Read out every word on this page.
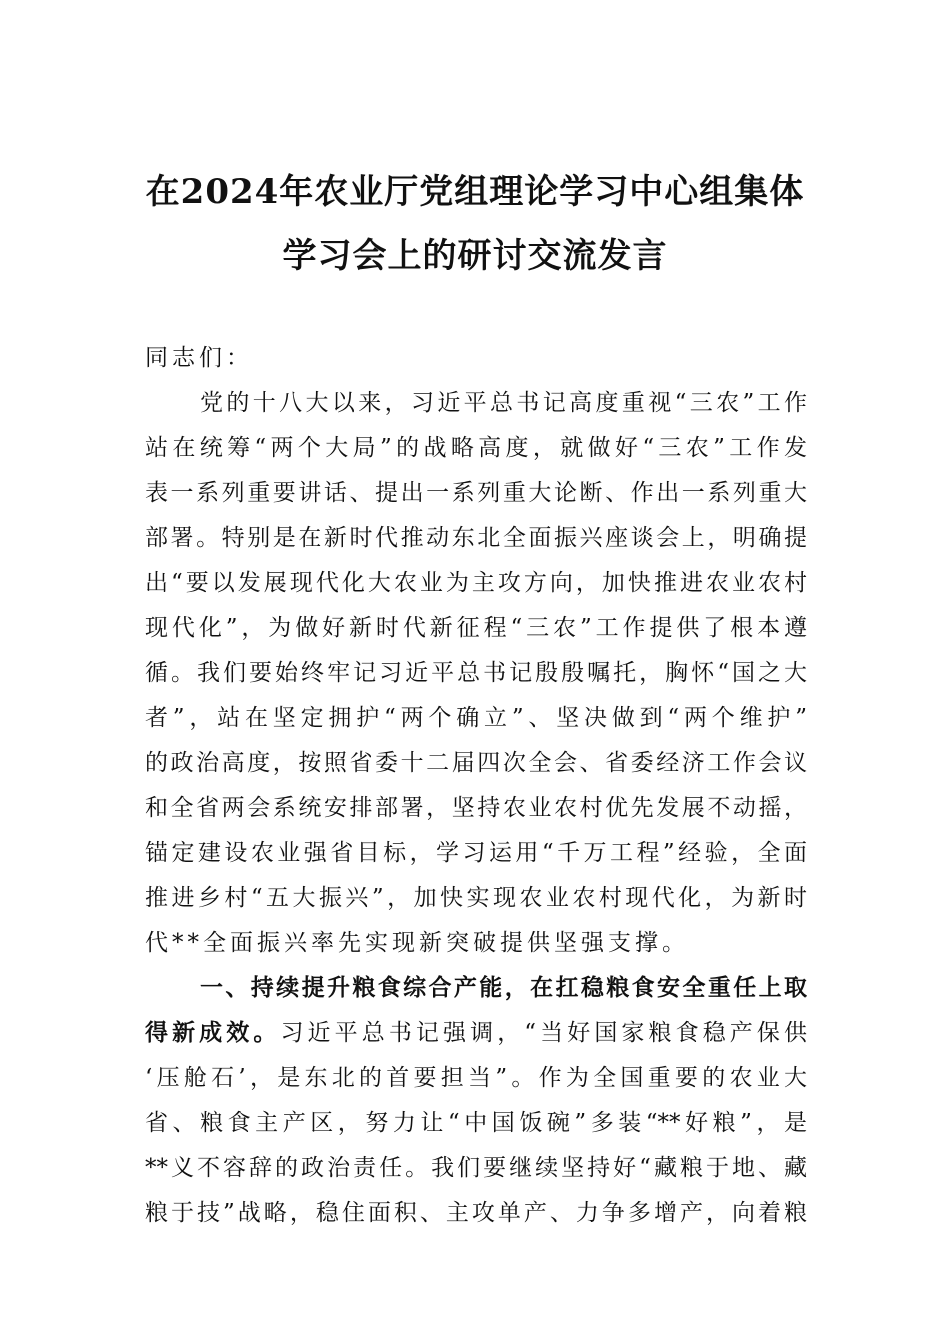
在2024年农业厅党组理论学习中心组集体
学习会上的研讨交流发言
同志们：
党的十八大以来，习近平总书记高度重视“三农”工作
站在统筹“两个大局”的战略高度，就做好“三农”工作发
表一系列重要讲话、提出一系列重大论断、作出一系列重大
部署。特别是在新时代推动东北全面振兴座谈会上，明确提
出“要以发展现代化大农业为主攻方向，加快推进农业农村
现代化”，为做好新时代新征程“三农”工作提供了根本遵
循。我们要始终牢记习近平总书记殷殷嘱托，胸怀“国之大
者”，站在坚定拥护“两个确立”、坚决做到“两个维护”
的政治高度，按照省委十二届四次全会、省委经济工作会议
和全省两会系统安排部署，坚持农业农村优先发展不动摇，
锚定建设农业强省目标，学习运用“千万工程”经验，全面
推进乡村“五大振兴”，加快实现农业农村现代化，为新时
代**全面振兴率先实现新突破提供坚强支撑。
一、持续提升粮食综合产能，在扛稳粮食安全重任上取
得新成效。习近平总书记强调，“当好国家粮食稳产保供
‘压舱石’，是东北的首要担当”。作为全国重要的农业大
省、粮食主产区，努力让“中国饭碗”多装“**好粮”，是
**义不容辞的政治责任。我们要继续坚持好“藏粮于地、藏
粮于技”战略，稳住面积、主攻单产、力争多增产，向着粮
